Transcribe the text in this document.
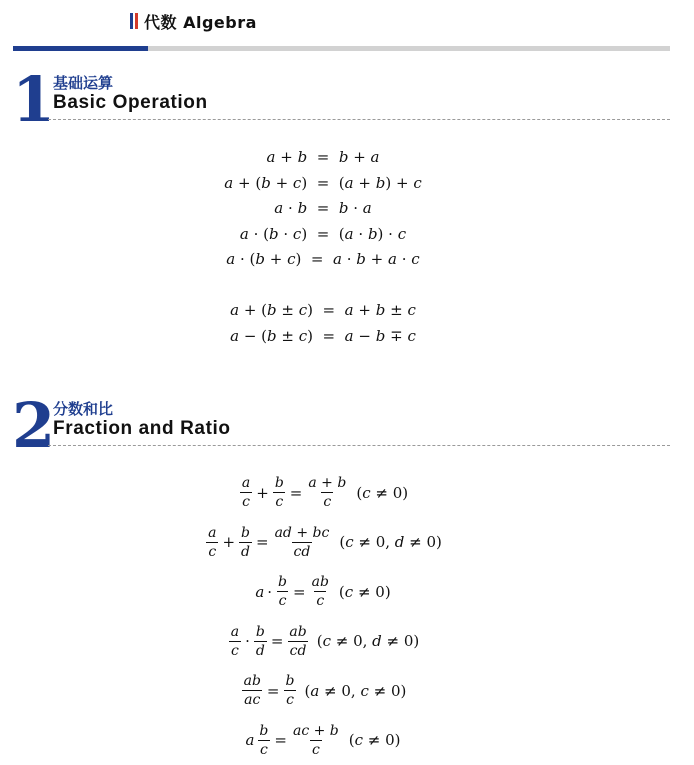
代数 Algebra
1
基础运算
Basic Operation
a + b  =  b + a
a + (b + c)  =  (a + b) + c
a · b  =  b · a
a · (b · c)  =  (a · b) · c
a · (b + c)  =  a · b + a · c
a + (b ± c)  =  a + b ± c
a − (b ± c)  =  a − b ∓ c
2
分数和比
Fraction and Ratio
$\frac{a}{c} + \frac{b}{c} = \frac{a + b}{c} (c \ne 0)$
$\frac{a}{c} + \frac{b}{d} = \frac{ad + bc}{cd} (c \ne 0$, d ≠ 0)
$a \cdot \frac{b}{c} = \frac{ab}{c} (c \ne 0)$
$\frac{a}{c} \cdot \frac{b}{d} = \frac{ab}{cd} (c \ne 0$, d ≠ 0)
$\frac{ab}{ac} = \frac{b}{c} (a \ne 0$, c ≠ 0)
a $\frac{b}{c} = \frac{ac + b}{c} (c \ne 0)$
